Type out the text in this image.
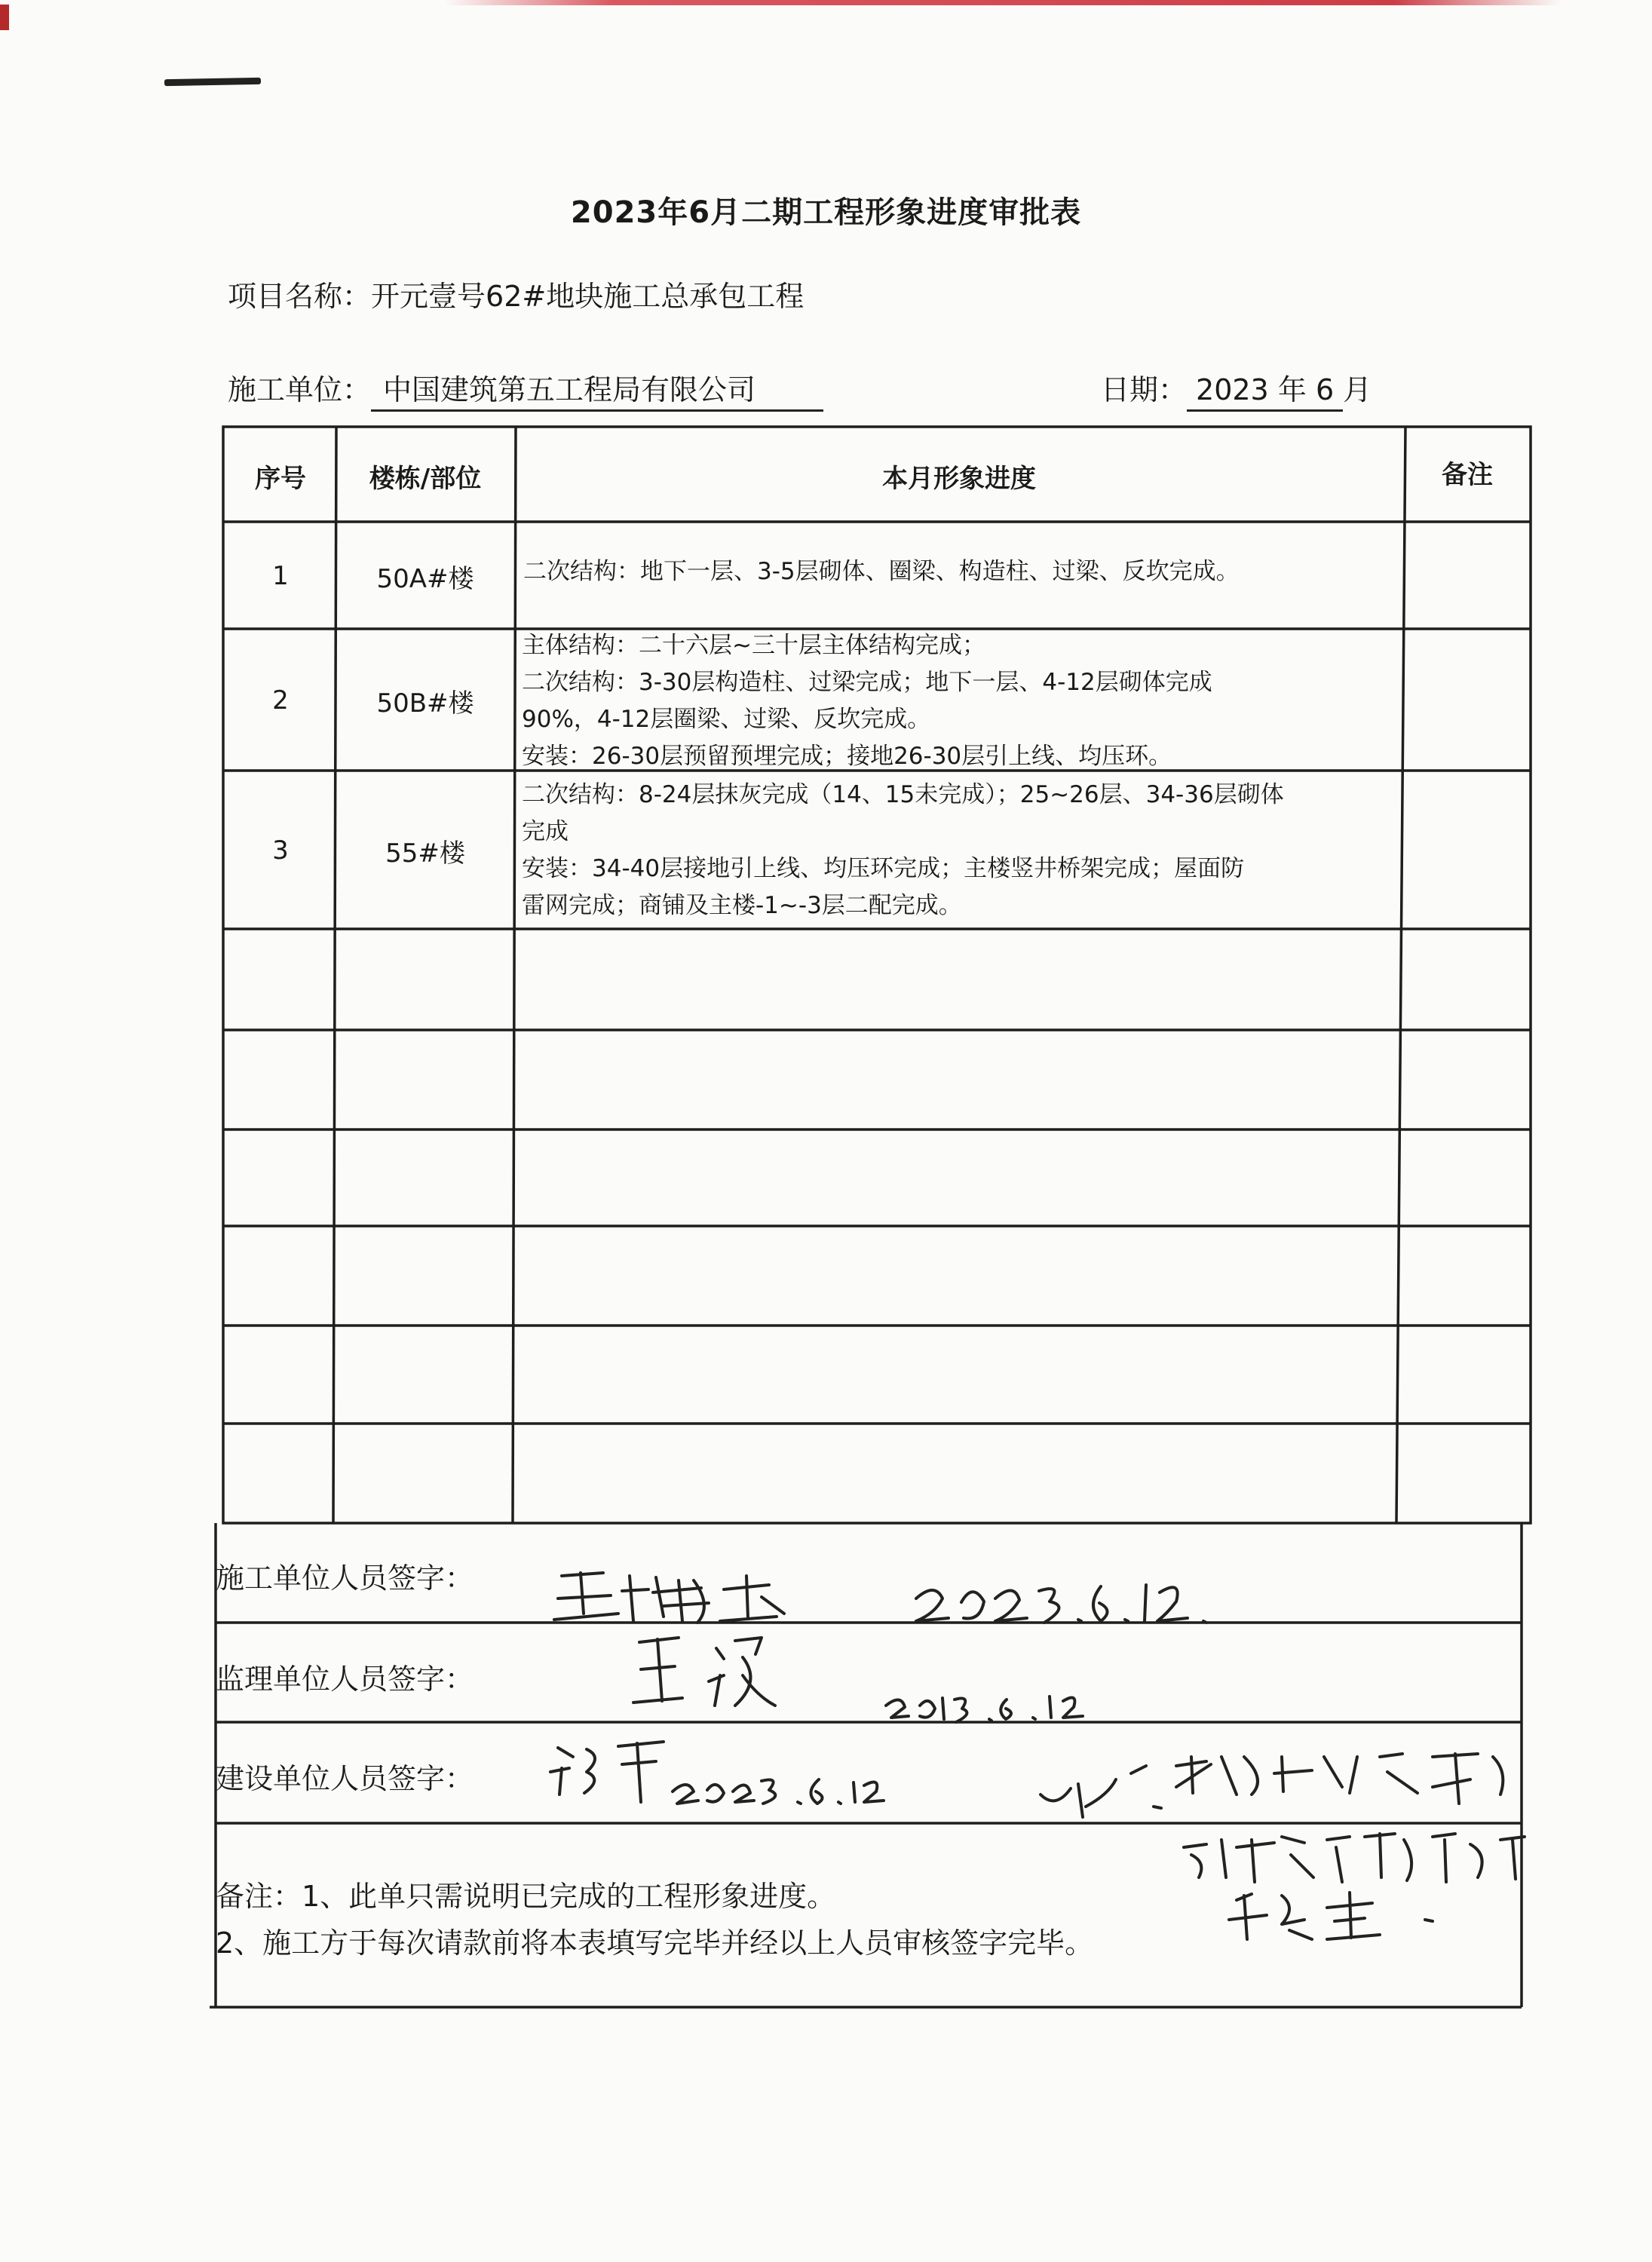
2023年6月二期工程形象进度审批表
项目名称：开元壹号62#地块施工总承包工程
施工单位： 中国建筑第五工程局有限公司	日期： 2023 年 6 月
序号	楼栋/部位	本月形象进度	备注
1	50A#楼	二次结构：地下一层、3-5层砌体、圈梁、构造柱、过梁、反坎完成。
2	50B#楼
主体结构：二十六层~三十层主体结构完成；
二次结构：3-30层构造柱、过梁完成；地下一层、4-12层砌体完成
90%，4-12层圈梁、过梁、反坎完成。
安装：26-30层预留预埋完成；接地26-30层引上线、均压环。
3	55#楼
二次结构：8-24层抹灰完成（14、15未完成）；25~26层、34-36层砌体
完成
安装：34-40层接地引上线、均压环完成；主楼竖井桥架完成；屋面防
雷网完成；商铺及主楼-1~-3层二配完成。
施工单位人员签字：
监理单位人员签字：
建设单位人员签字：
备注：1、此单只需说明已完成的工程形象进度。
2、施工方于每次请款前将本表填写完毕并经以上人员审核签字完毕。
